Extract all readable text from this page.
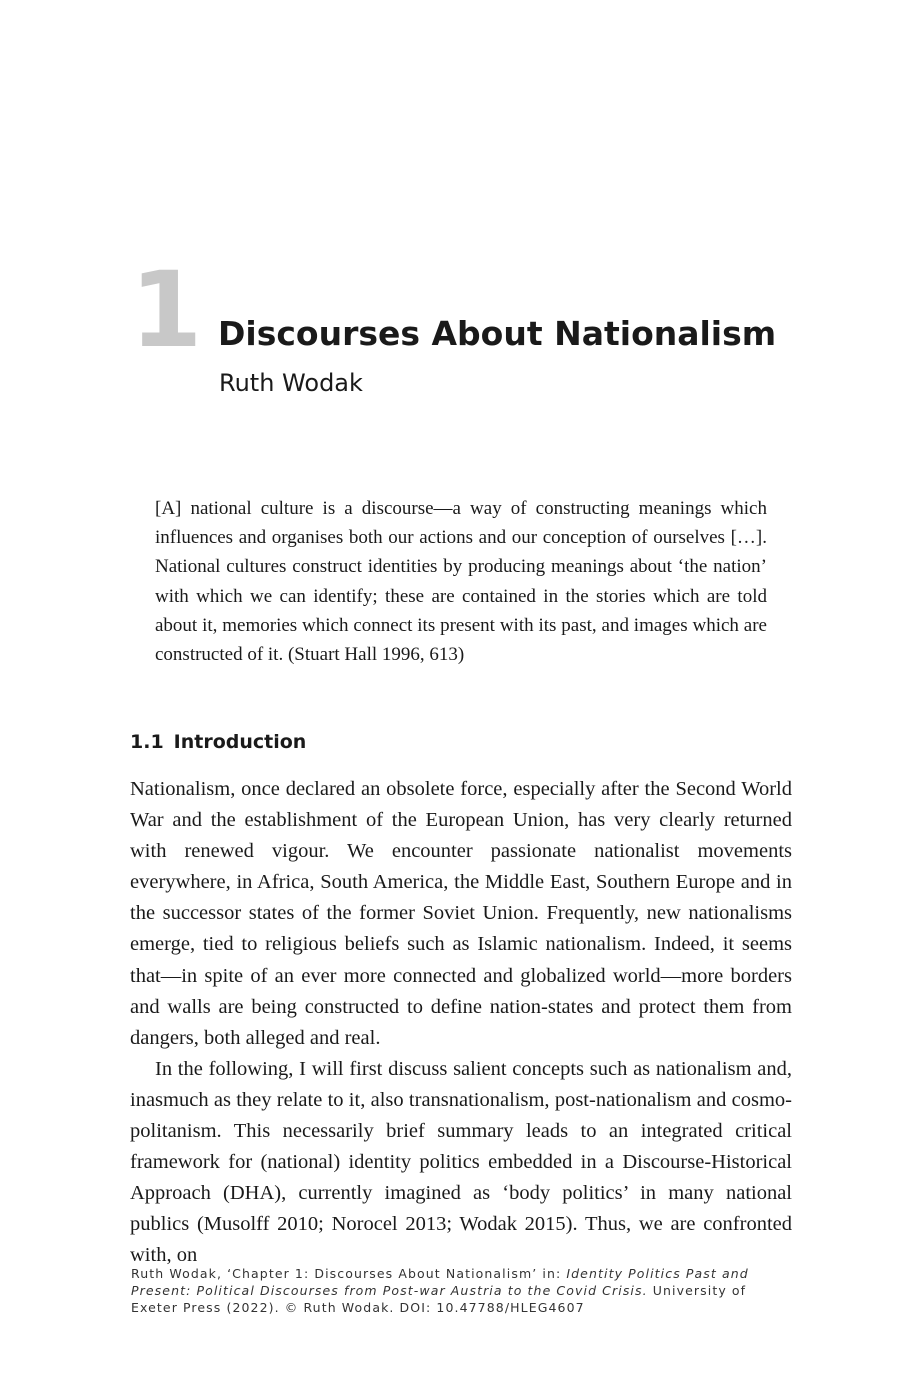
1 Discourses About Nationalism
Ruth Wodak
[A] national culture is a discourse—a way of constructing meanings which influences and organises both our actions and our conception of ourselves […]. National cultures construct identities by producing meanings about ‘the nation’ with which we can identify; these are contained in the stories which are told about it, memories which connect its present with its past, and images which are constructed of it. (Stuart Hall 1996, 613)
1.1 Introduction

Nationalism, once declared an obsolete force, especially after the Second World War and the establishment of the European Union, has very clearly returned with renewed vigour. We encounter passionate nationalist movements everywhere, in Africa, South America, the Middle East, Southern Europe and in the successor states of the former Soviet Union. Frequently, new nationalisms emerge, tied to religious beliefs such as Islamic nationalism. Indeed, it seems that—in spite of an ever more connected and globalized world—more borders and walls are being constructed to define nation-states and protect them from dangers, both alleged and real.

In the following, I will first discuss salient concepts such as nationalism and, inasmuch as they relate to it, also transnationalism, post-nationalism and cosmopolitanism. This necessarily brief summary leads to an integrated critical framework for (national) identity politics embedded in a Discourse-Historical Approach (DHA), currently imagined as ‘body politics’ in many national publics (Musolff 2010; Norocel 2013; Wodak 2015). Thus, we are confronted with, on

Ruth Wodak, ‘Chapter 1: Discourses About Nationalism’ in: Identity Politics Past and Present: Political Discourses from Post-war Austria to the Covid Crisis. University of Exeter Press (2022). © Ruth Wodak. DOI: 10.47788/HLEG4607
